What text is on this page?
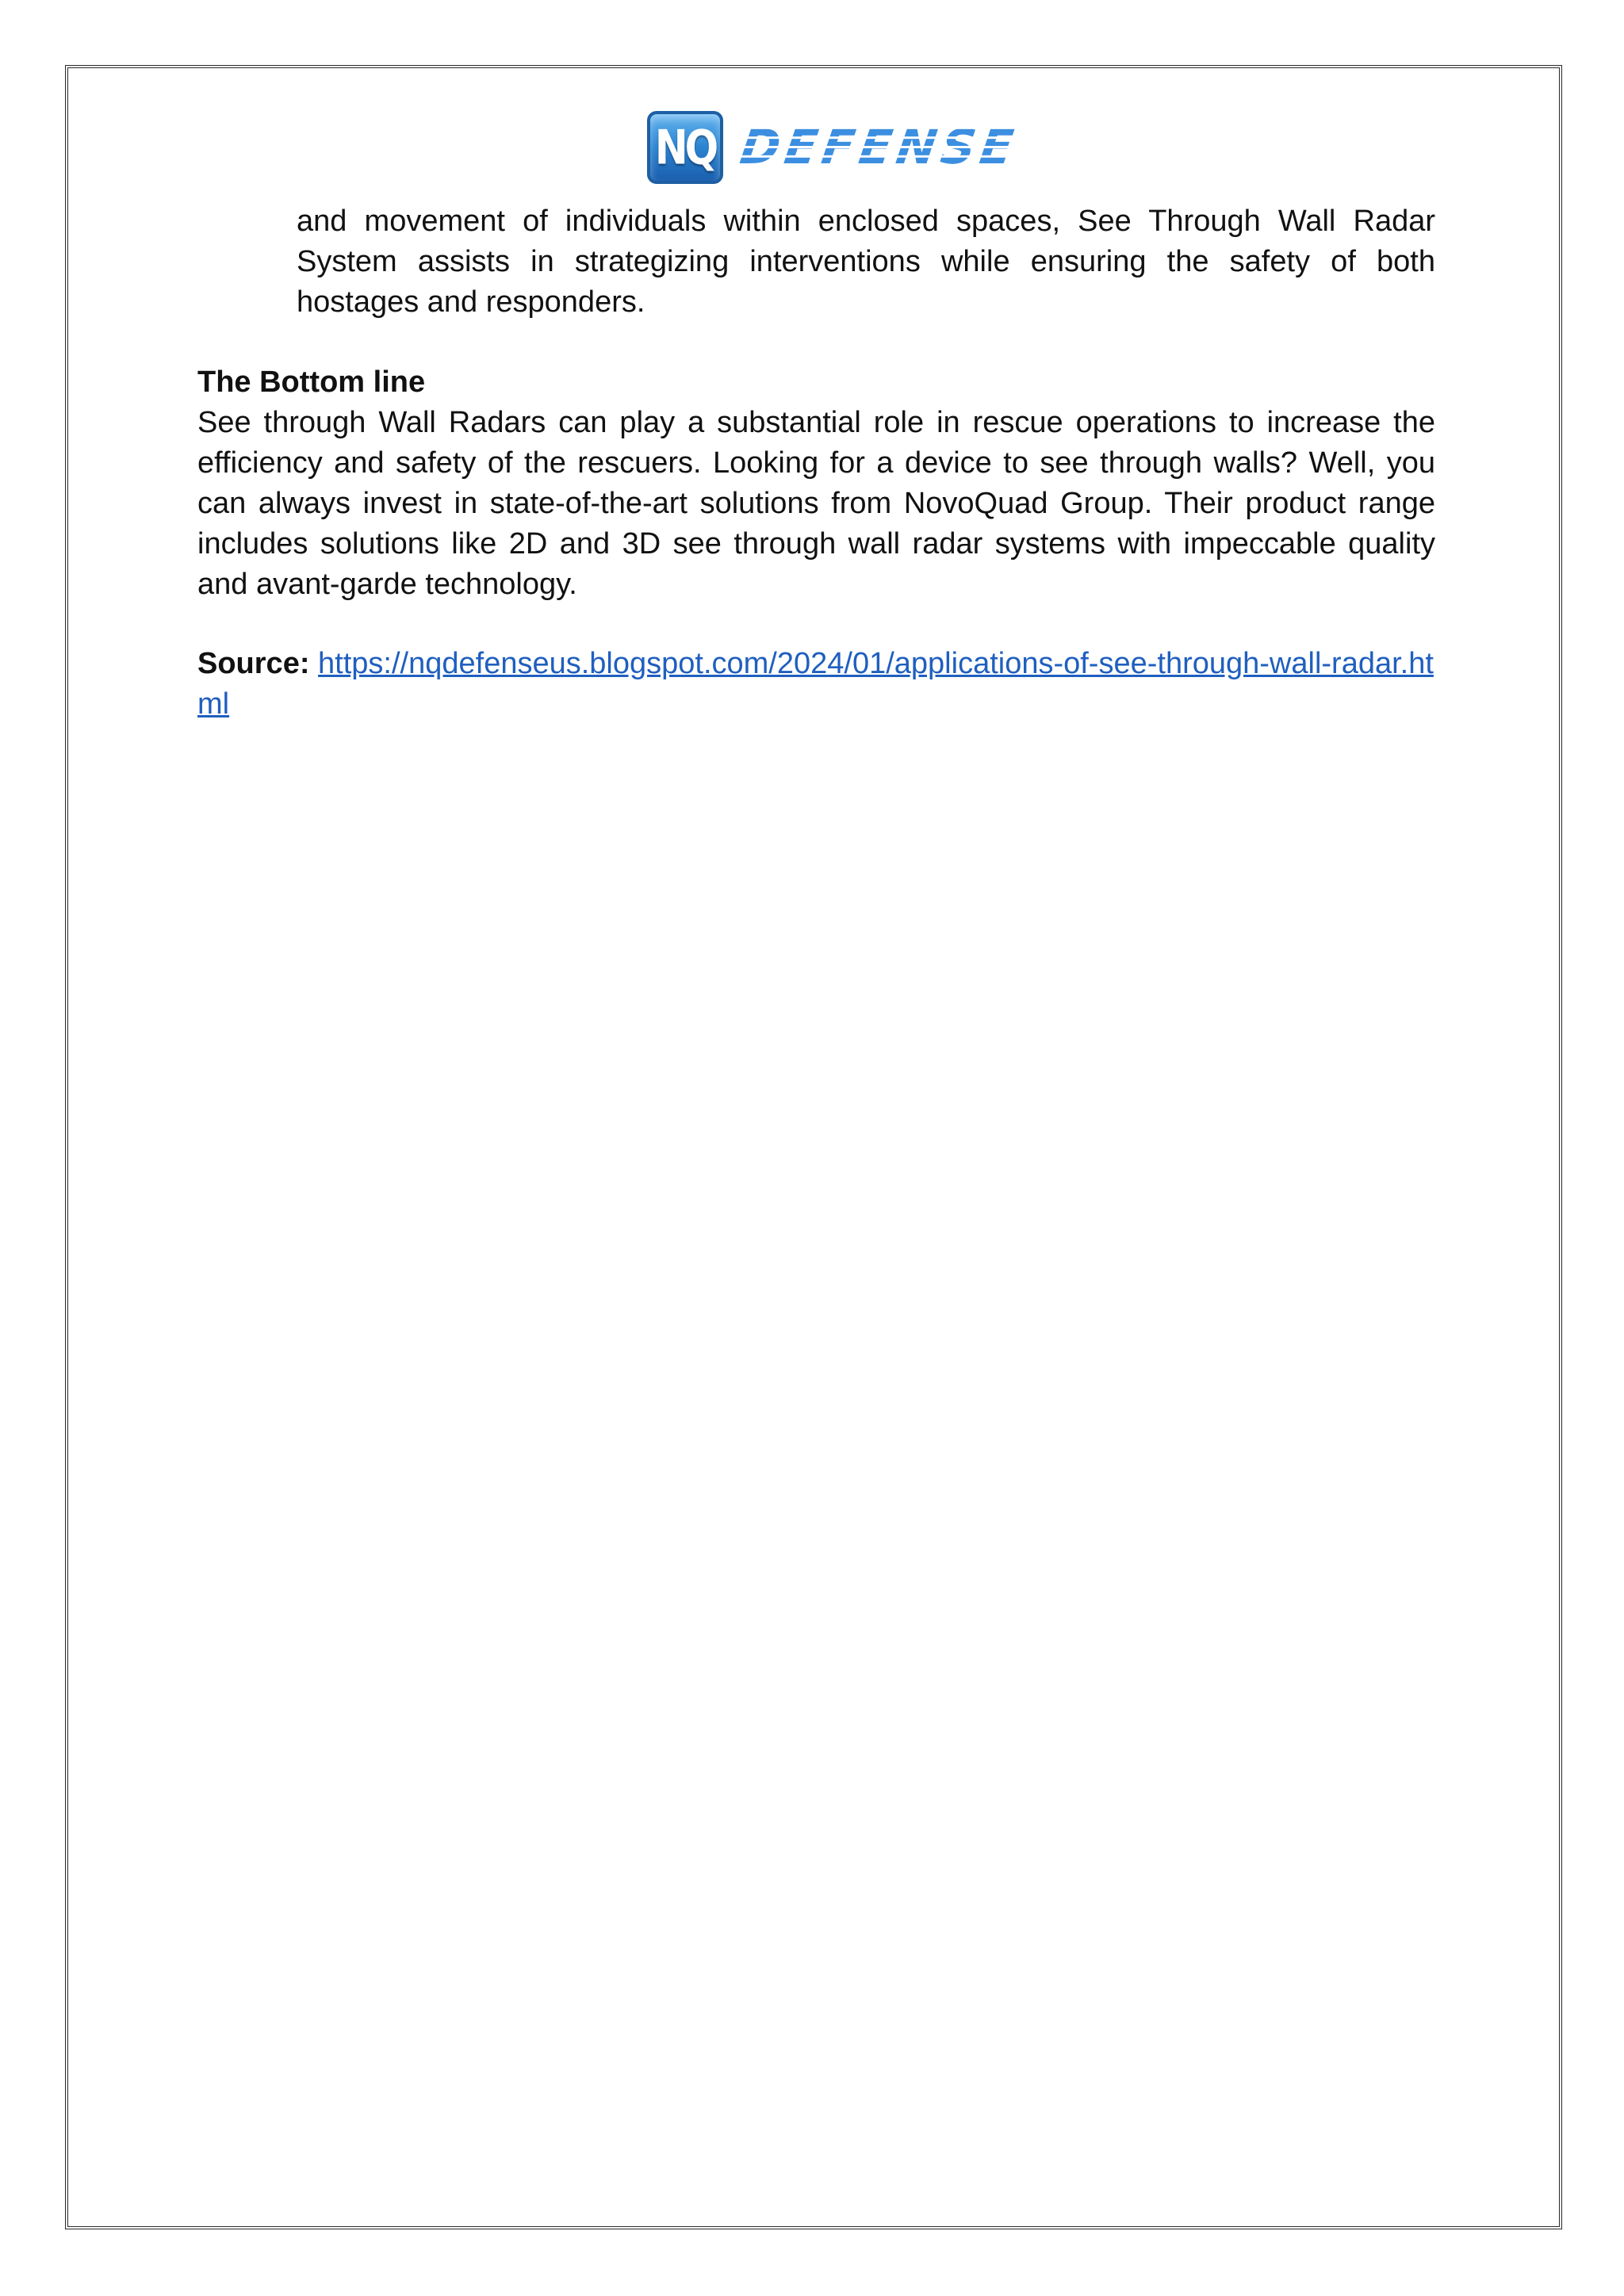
NQ DEFENSE
and movement of individuals within enclosed spaces, See Through Wall Radar System assists in strategizing interventions while ensuring the safety of both hostages and responders.
The Bottom line
See through Wall Radars can play a substantial role in rescue operations to increase the efficiency and safety of the rescuers. Looking for a device to see through walls? Well, you can always invest in state-of-the-art solutions from NovoQuad Group. Their product range includes solutions like 2D and 3D see through wall radar systems with impeccable quality and avant-garde technology.
Source: https://nqdefenseus.blogspot.com/2024/01/applications-of-see-through-wall-radar.html
